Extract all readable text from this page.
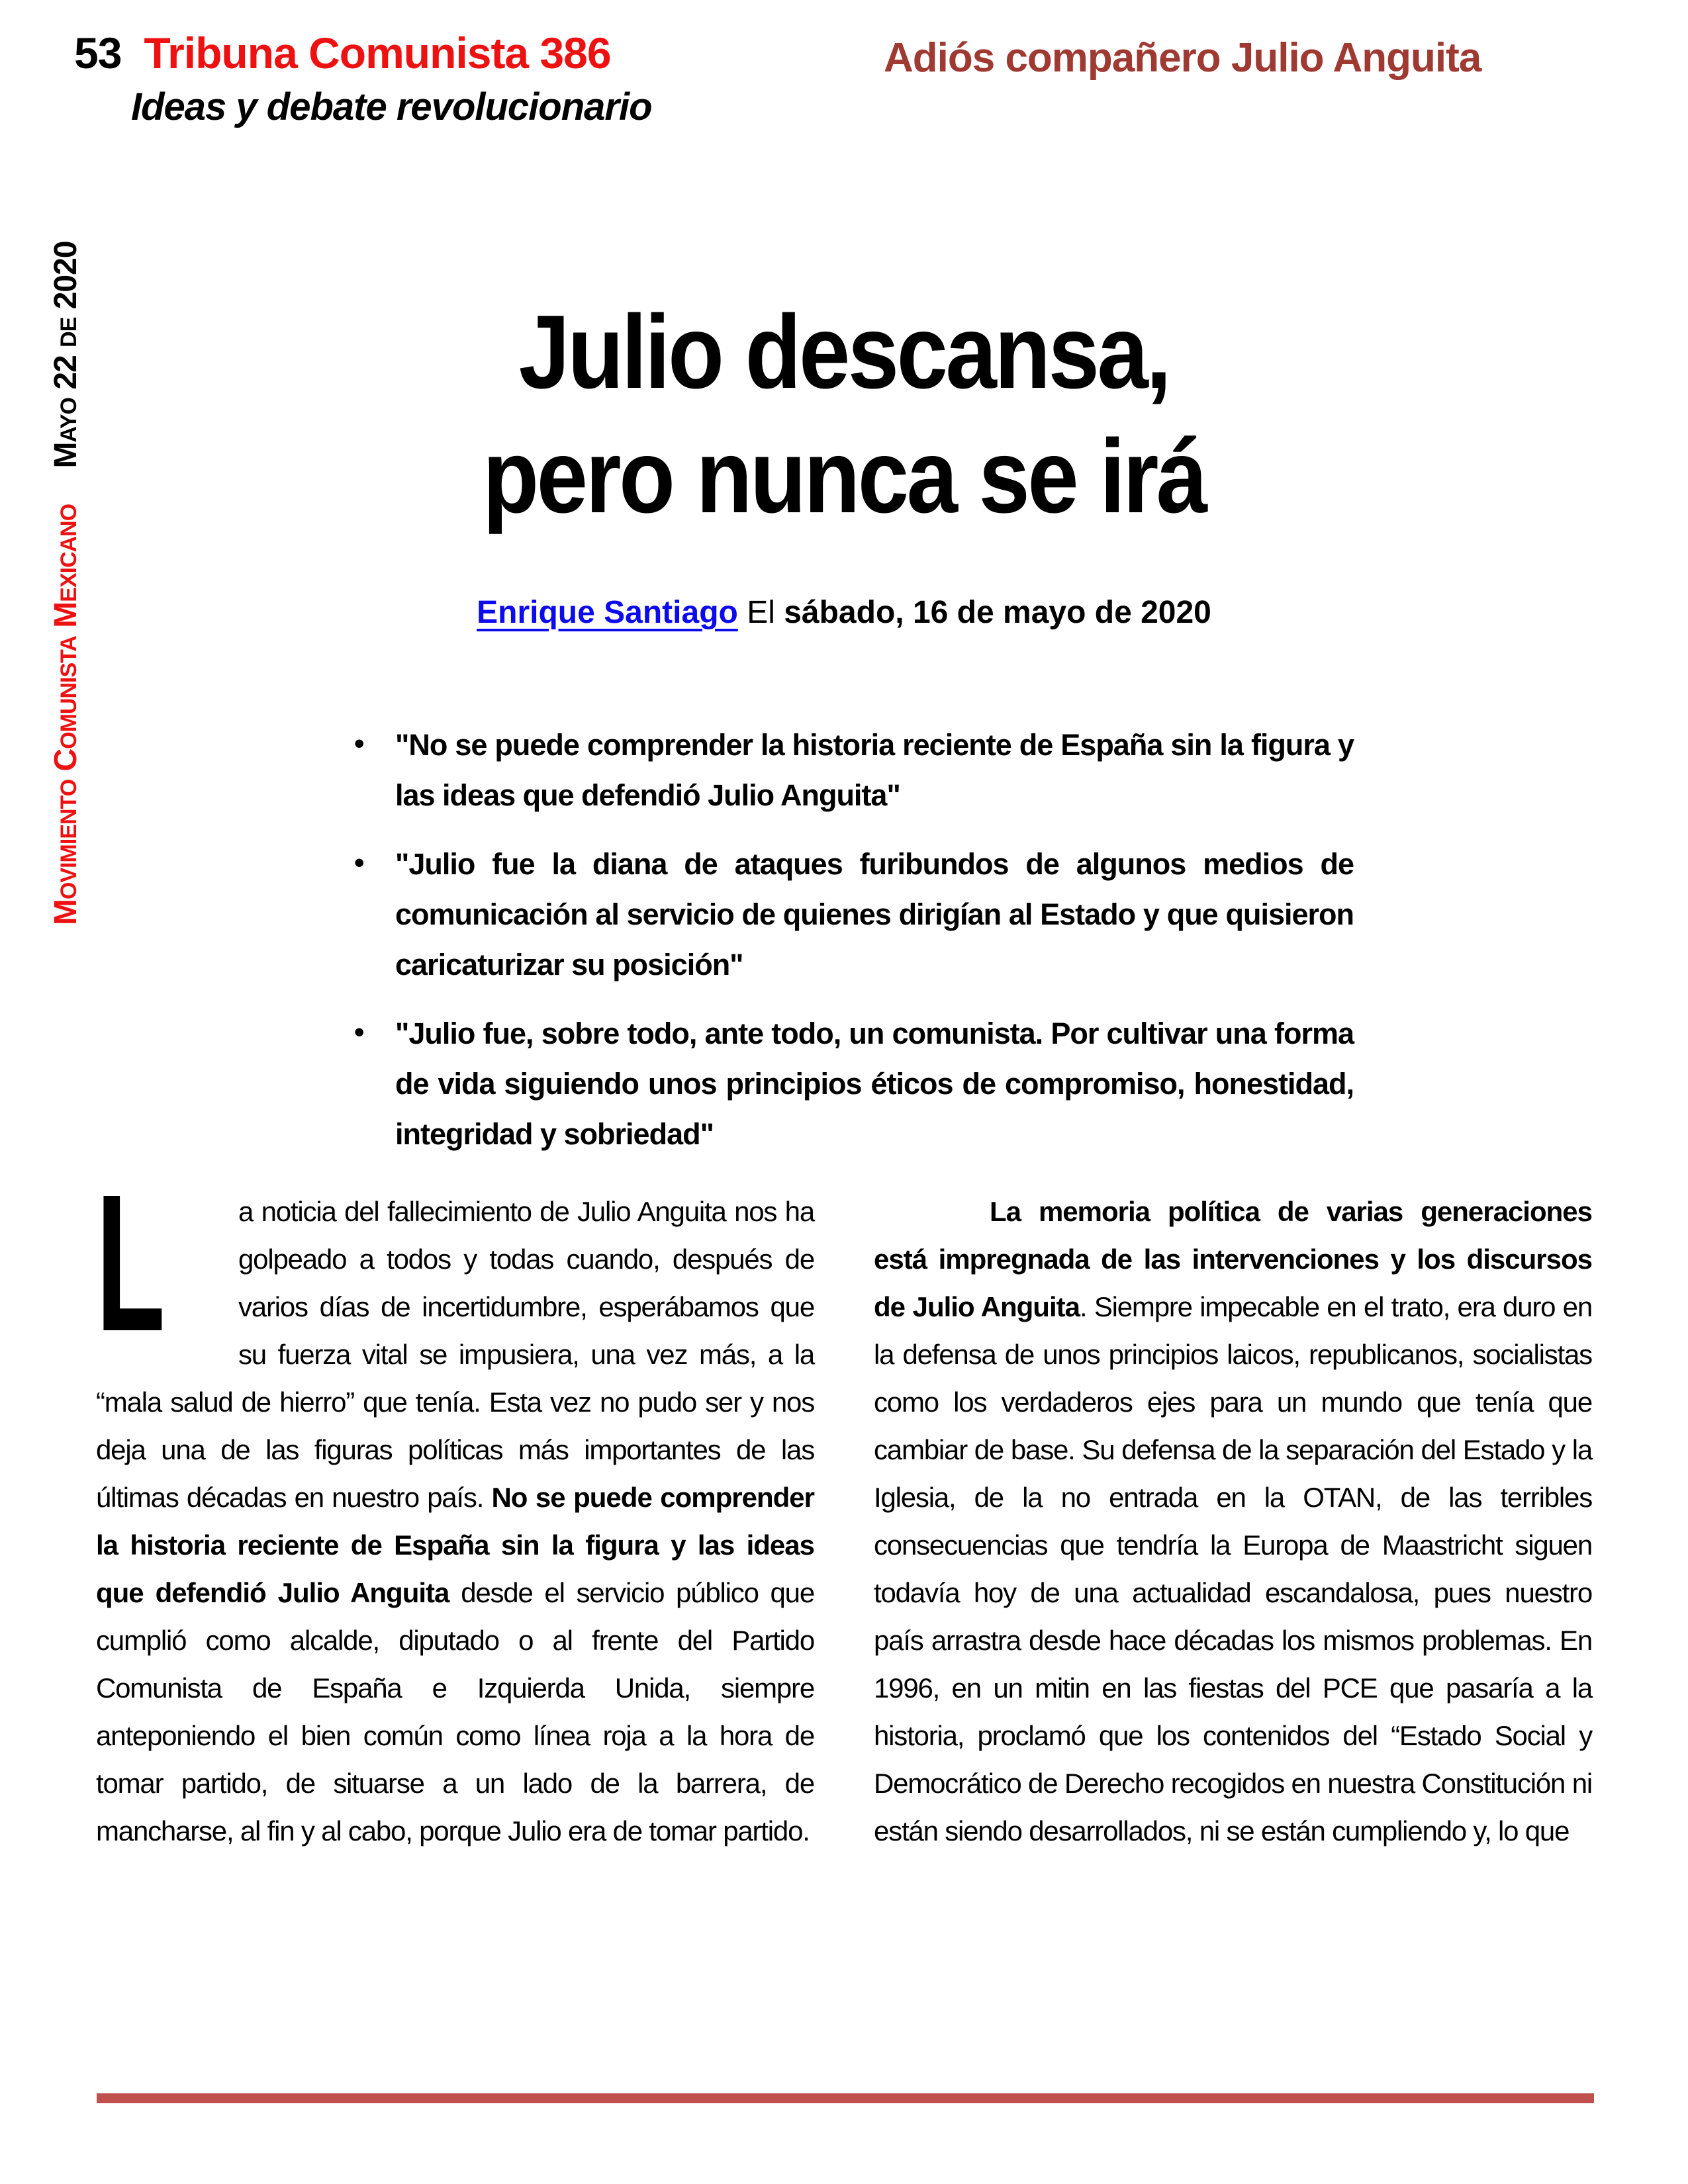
53 Tribuna Comunista 386
Ideas y debate revolucionario
Adiós compañero Julio Anguita
Movimiento Comunista Mexicano Mayo 22 de 2020	Julio descansa,
pero nunca se irá
Enrique Santiago El sábado, 16 de mayo de 2020
• "No se puede comprender la historia reciente de España sin la figura y las ideas que defendió Julio Anguita"
• "Julio fue la diana de ataques furibundos de algunos medios de comunicación al servicio de quienes dirigían al Estado y que quisieron caricaturizar su posición"
• "Julio fue, sobre todo, ante todo, un comunista. Por cultivar una forma de vida siguiendo unos principios éticos de compromiso, honestidad, integridad y sobriedad"

L	a noticia del fallecimiento de Julio Anguita nos ha golpeado a todos y todas cuando, después de varios días de incertidumbre, esperábamos que su fuerza vital se impusiera, una vez más, a la “mala salud de hierro” que tenía. Esta vez no pudo ser y nos deja una de las figuras políticas más importantes de las últimas décadas en nuestro país. No se puede comprender la historia reciente de España sin la figura y las ideas que defendió Julio Anguita desde el servicio público que cumplió como alcalde, diputado o al frente del Partido Comunista de España e Izquierda Unida, siempre anteponiendo el bien común como línea roja a la hora de tomar partido, de situarse a un lado de la barrera, de mancharse, al fin y al cabo, porque Julio era de tomar partido.

La memoria política de varias generaciones está impregnada de las intervenciones y los discursos de Julio Anguita. Siempre impecable en el trato, era duro en la defensa de unos principios laicos, republicanos, socialistas como los verdaderos ejes para un mundo que tenía que cambiar de base. Su defensa de la separación del Estado y la Iglesia, de la no entrada en la OTAN, de las terribles consecuencias que tendría la Europa de Maastricht siguen todavía hoy de una actualidad escandalosa, pues nuestro país arrastra desde hace décadas los mismos problemas. En 1996, en un mitin en las fiestas del PCE que pasaría a la historia, proclamó que los contenidos del “Estado Social y Democrático de Derecho recogidos en nuestra Constitución ni están siendo desarrollados, ni se están cumpliendo y, lo que
